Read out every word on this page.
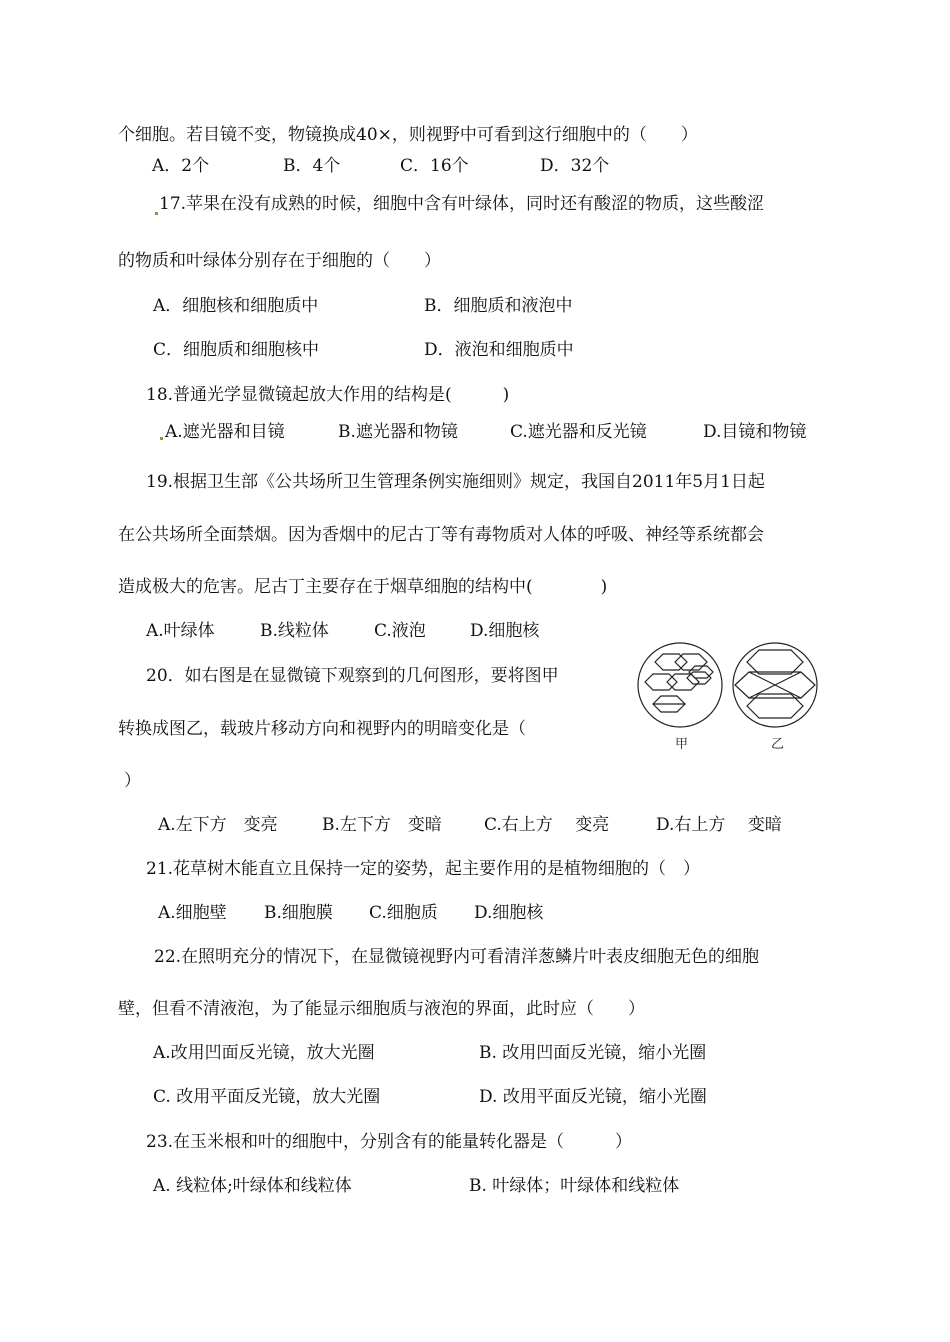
个细胞。若目镜不变，物镜换成40×，则视野中可看到这行细胞中的（　　）
A．2个	B．4个	C．16个	D．32个
17.苹果在没有成熟的时候，细胞中含有叶绿体，同时还有酸涩的物质，这些酸涩
的物质和叶绿体分别存在于细胞的（　　）
A．细胞核和细胞质中	B．细胞质和液泡中
C．细胞质和细胞核中	D．液泡和细胞质中
18.普通光学显微镜起放大作用的结构是(　　　)
A.遮光器和目镜	B.遮光器和物镜	C.遮光器和反光镜	D.目镜和物镜
19.根据卫生部《公共场所卫生管理条例实施细则》规定，我国自2011年5月1日起
在公共场所全面禁烟。因为香烟中的尼古丁等有毒物质对人体的呼吸、神经等系统都会
造成极大的危害。尼古丁主要存在于烟草细胞的结构中(　　　　)
A.叶绿体	B.线粒体	C.液泡	D.细胞核
20．如右图是在显微镜下观察到的几何图形，要将图甲
转换成图乙，载玻片移动方向和视野内的明暗变化是（
）
甲	乙
A.左下方　变亮	B.左下方　变暗 C.右上方　 变亮	D.右上方　 变暗
21.花草树木能直立且保持一定的姿势，起主要作用的是植物细胞的（　）
A.细胞壁 B.细胞膜 C.细胞质 D.细胞核
22.在照明充分的情况下，在显微镜视野内可看清洋葱鳞片叶表皮细胞无色的细胞
壁，但看不清液泡，为了能显示细胞质与液泡的界面，此时应（　　）
A.改用凹面反光镜，放大光圈	B. 改用凹面反光镜，缩小光圈
C. 改用平面反光镜，放大光圈	D. 改用平面反光镜，缩小光圈
23.在玉米根和叶的细胞中，分别含有的能量转化器是（　　　）
A. 线粒体;叶绿体和线粒体	B. 叶绿体；叶绿体和线粒体
